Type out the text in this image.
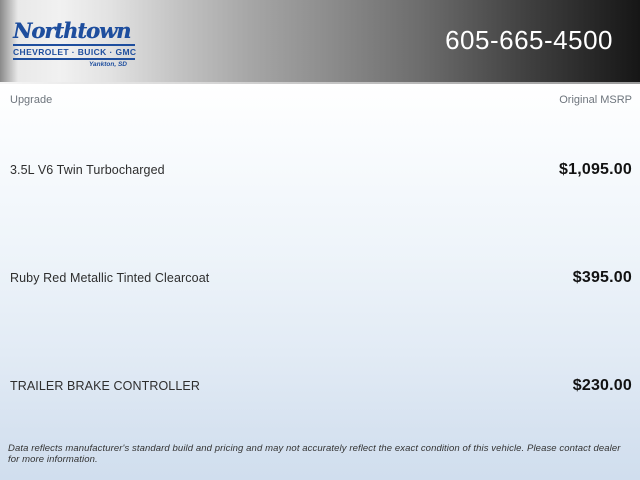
Northtown
CHEVROLET · BUICK · GMC
Yankton, SD
605-665-4500
Upgrade	Original MSRP
3.5L V6 Twin Turbocharged	$1,095.00
Ruby Red Metallic Tinted Clearcoat	$395.00
TRAILER BRAKE CONTROLLER	$230.00
Data reflects manufacturer's standard build and pricing and may not accurately reflect the exact condition of this vehicle. Please contact dealer for more information.
